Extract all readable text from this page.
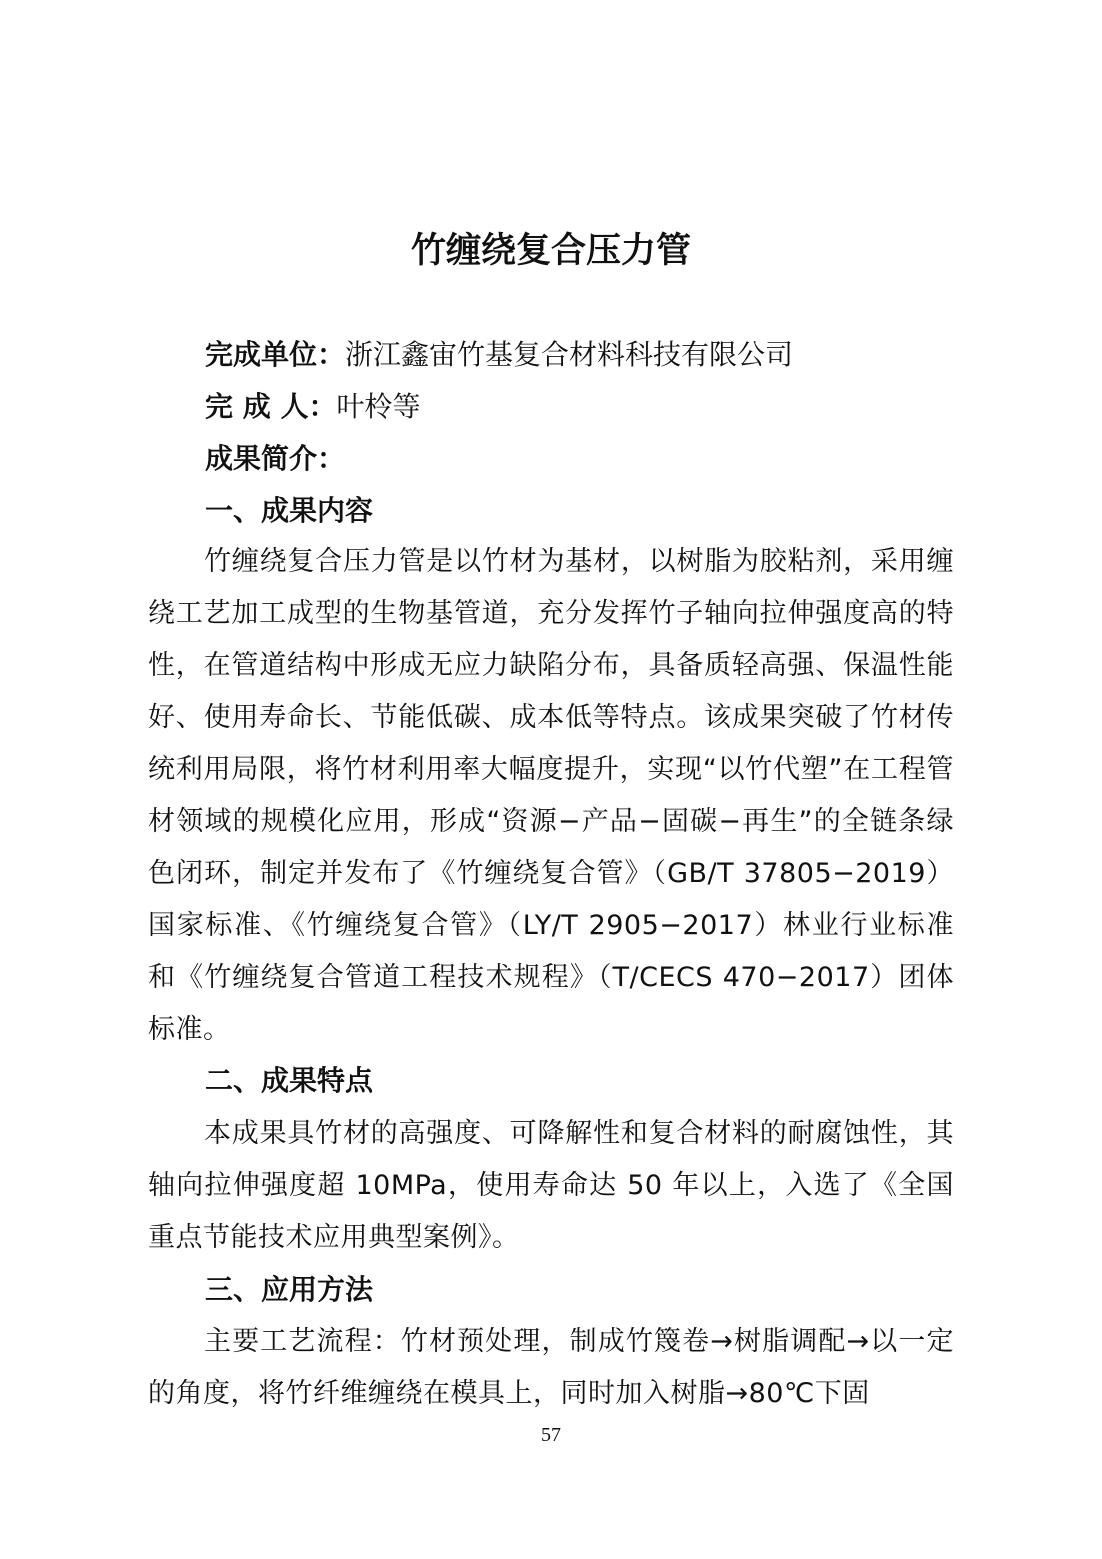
竹缠绕复合压力管
完成单位：浙江鑫宙竹基复合材料科技有限公司
完 成 人：叶柃等
成果简介：
一、成果内容

竹缠绕复合压力管是以竹材为基材，以树脂为胶粘剂，采用缠绕工艺加工成型的生物基管道，充分发挥竹子轴向拉伸强度高的特性，在管道结构中形成无应力缺陷分布，具备质轻高强、保温性能好、使用寿命长、节能低碳、成本低等特点。该成果突破了竹材传统利用局限，将竹材利用率大幅度提升，实现“以竹代塑”在工程管材领域的规模化应用，形成“资源−产品−固碳−再生”的全链条绿色闭环，制定并发布了《竹缠绕复合管》（GB/T 37805−2019）国家标准、《竹缠绕复合管》（LY/T 2905−2017）林业行业标准和《竹缠绕复合管道工程技术规程》（T/CECS 470−2017）团体标准。

二、成果特点

本成果具竹材的高强度、可降解性和复合材料的耐腐蚀性，其轴向拉伸强度超 10MPa，使用寿命达 50 年以上，入选了《全国重点节能技术应用典型案例》。

三、应用方法

主要工艺流程：竹材预处理，制成竹篾卷→树脂调配→以一定的角度，将竹纤维缠绕在模具上，同时加入树脂→80℃下固

57
